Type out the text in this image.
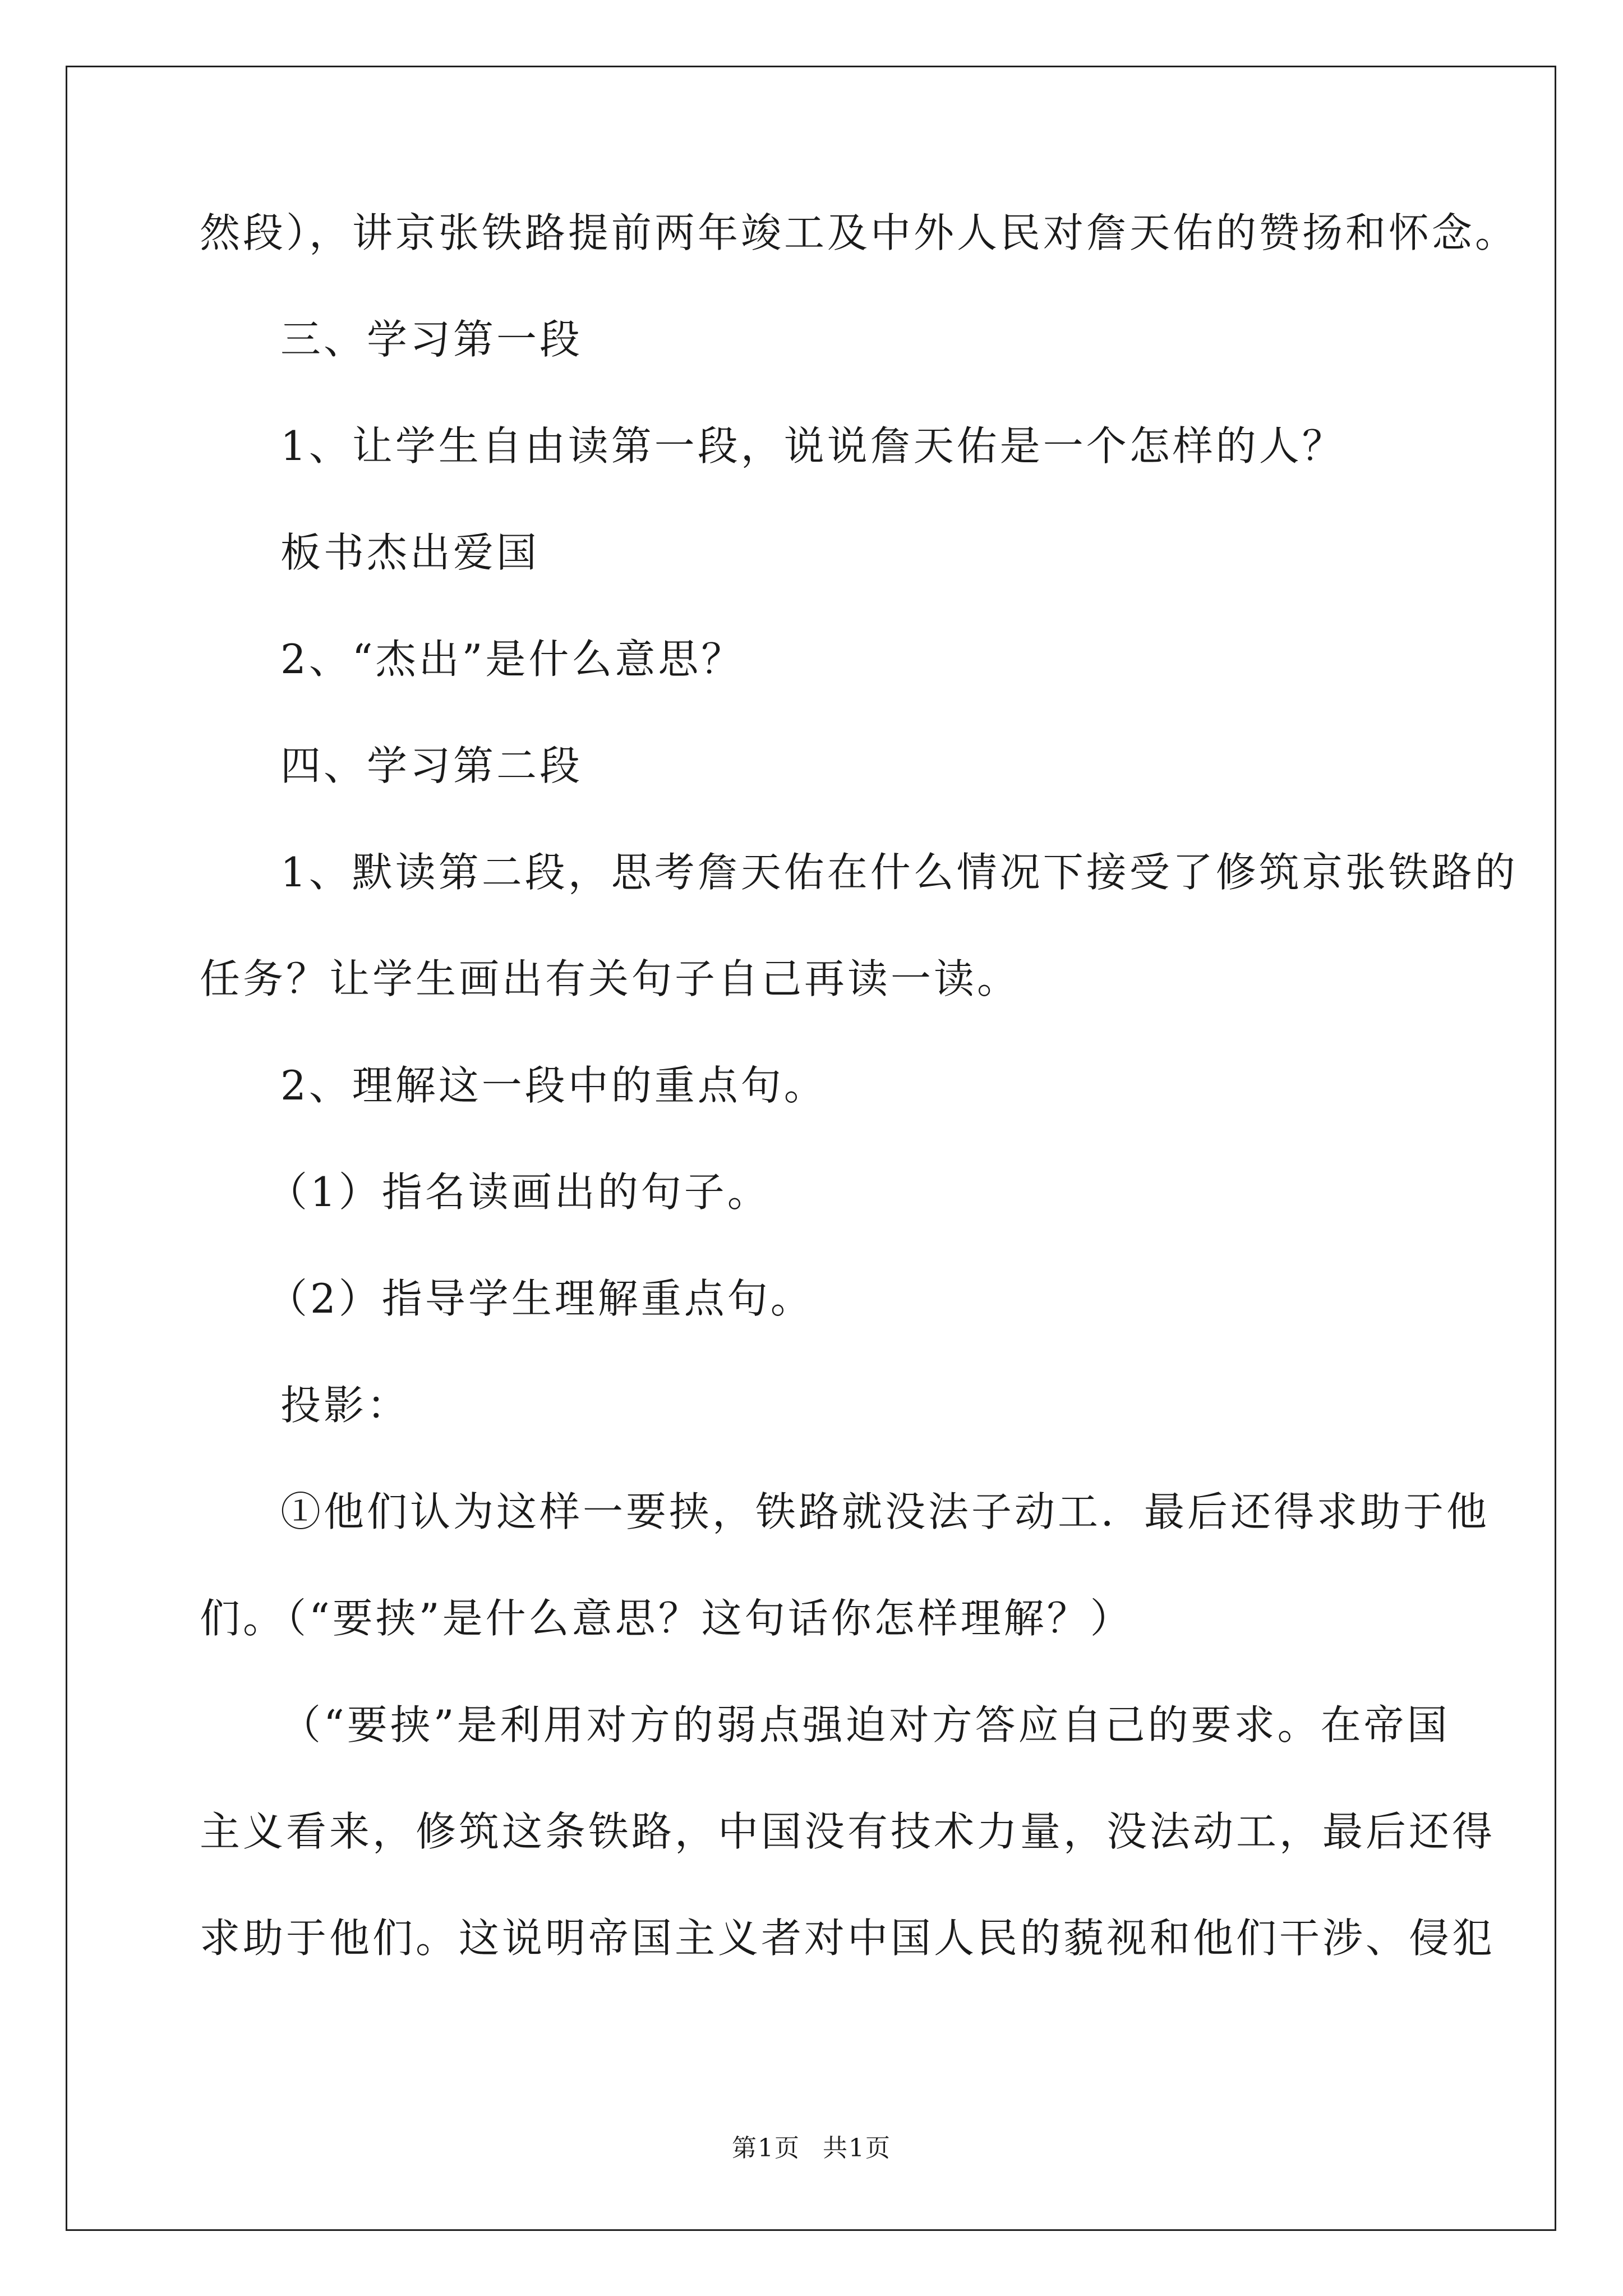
然段），讲京张铁路提前两年竣工及中外人民对詹天佑的赞扬和怀念。
三、学习第一段
1、让学生自由读第一段，说说詹天佑是一个怎样的人？
板书杰出爱国
2、“杰出”是什么意思？
四、学习第二段
1、默读第二段，思考詹天佑在什么情况下接受了修筑京张铁路的
任务？让学生画出有关句子自己再读一读。
2、理解这一段中的重点句。
（1）指名读画出的句子。
（2）指导学生理解重点句。
投影：
①他们认为这样一要挟，铁路就没法子动工．最后还得求助于他
们。（“要挟”是什么意思？这句话你怎样理解？）
（“要挟”是利用对方的弱点强迫对方答应自己的要求。在帝国
主义看来，修筑这条铁路，中国没有技术力量，没法动工，最后还得
求助于他们。这说明帝国主义者对中国人民的藐视和他们干涉、侵犯
第1页 共1页
